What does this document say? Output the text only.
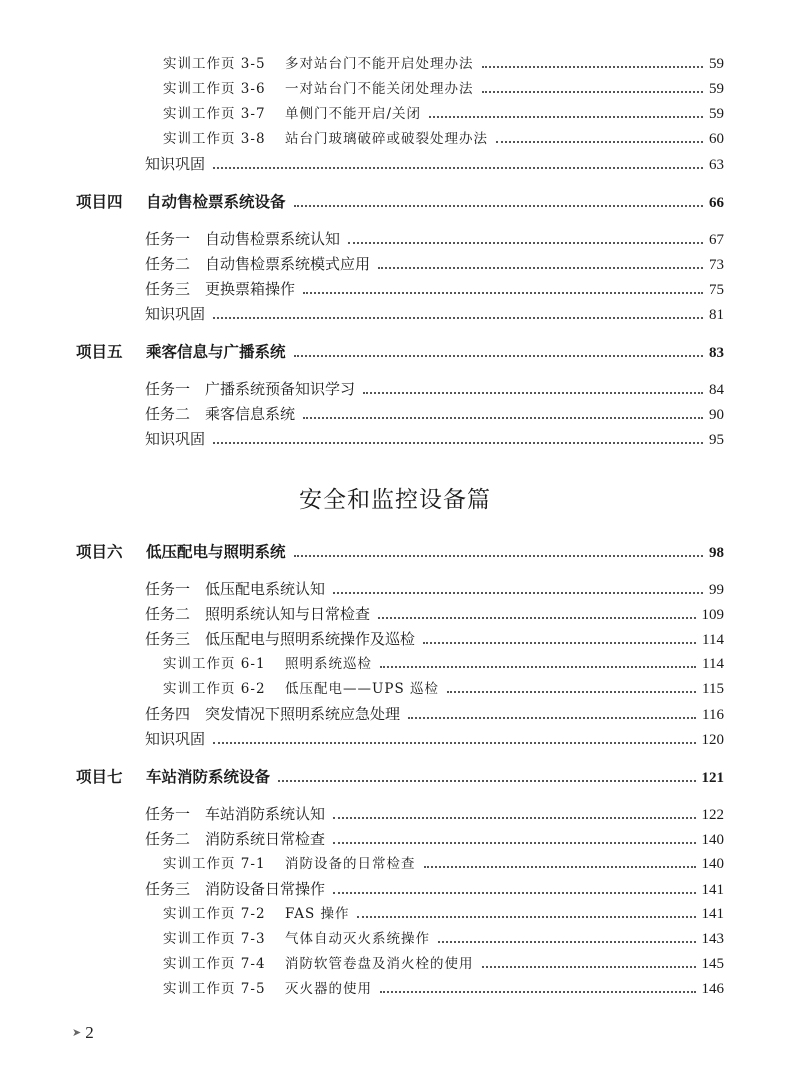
实训工作页 3-5 多对站台门不能开启处理办法	59
实训工作页 3-6 一对站台门不能关闭处理办法	59
实训工作页 3-7 单侧门不能开启/关闭	59
实训工作页 3-8 站台门玻璃破碎或破裂处理办法	60
知识巩固	63
项目四 自动售检票系统设备	66
任务一　自动售检票系统认知	67
任务二　自动售检票系统模式应用	73
任务三　更换票箱操作	75
知识巩固	81
项目五 乘客信息与广播系统	83
任务一　广播系统预备知识学习	84
任务二　乘客信息系统	90
知识巩固	95
安全和监控设备篇
项目六 低压配电与照明系统	98
任务一　低压配电系统认知	99
任务二　照明系统认知与日常检查	109
任务三　低压配电与照明系统操作及巡检	114
实训工作页 6-1 照明系统巡检	114
实训工作页 6-2 低压配电——UPS 巡检	115
任务四　突发情况下照明系统应急处理	116
知识巩固	120
项目七 车站消防系统设备	121
任务一　车站消防系统认知	122
任务二　消防系统日常检查	140
实训工作页 7-1 消防设备的日常检查	140
任务三　消防设备日常操作	141
实训工作页 7-2 FAS 操作	141
实训工作页 7-3 气体自动灭火系统操作	143
实训工作页 7-4 消防软管卷盘及消火栓的使用	145
实训工作页 7-5 灭火器的使用	146
➤ 2
